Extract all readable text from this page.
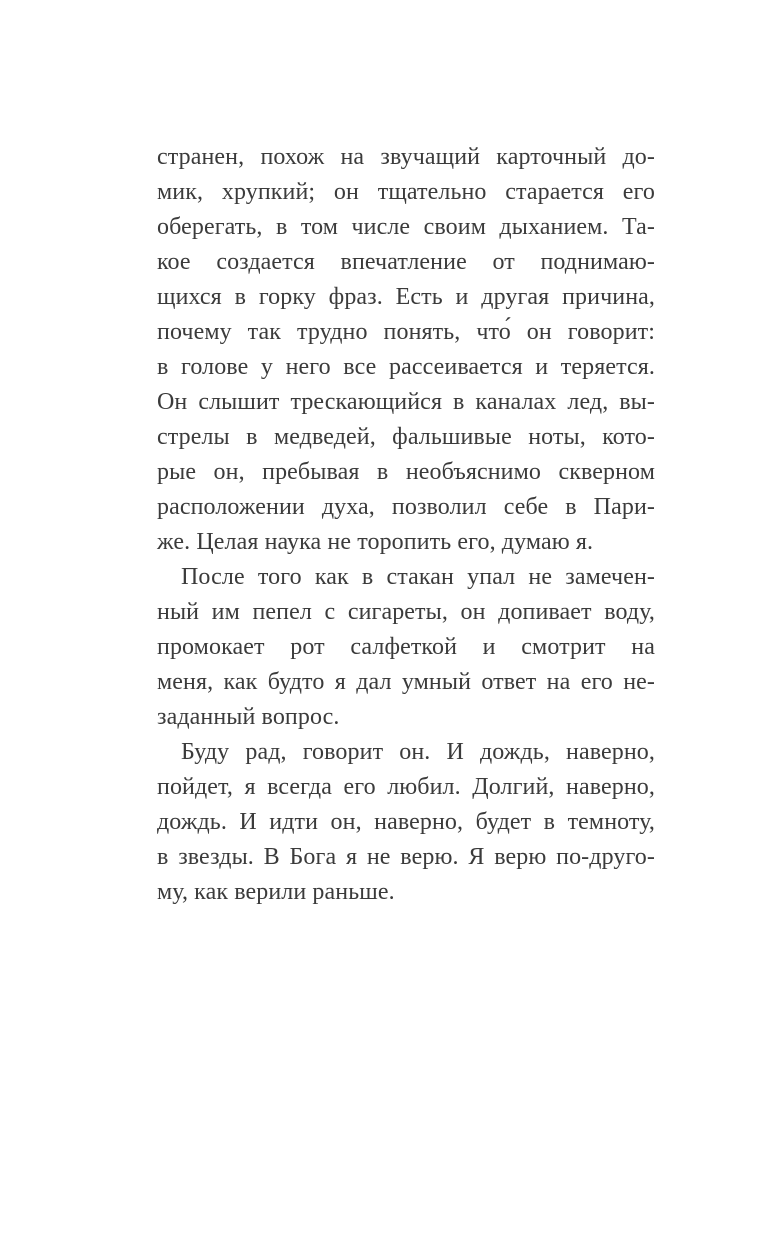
странен, похож на звучащий карточный до-
мик, хрупкий; он тщательно старается его
оберегать, в том числе своим дыханием. Та-
кое создается впечатление от поднимаю-
щихся в горку фраз. Есть и другая причина,
почему так трудно понять, что́ он говорит:
в голове у него все рассеивается и теряется.
Он слышит трескающийся в каналах лед, вы-
стрелы в медведей, фальшивые ноты, кото-
рые он, пребывая в необъяснимо скверном
расположении духа, позволил себе в Пари-
же. Целая наука не торопить его, думаю я.
После того как в стакан упал не замечен-
ный им пепел с сигареты, он допивает воду,
промокает рот салфеткой и смотрит на
меня, как будто я дал умный ответ на его не-
заданный вопрос.
Буду рад, говорит он. И дождь, наверно,
пойдет, я всегда его любил. Долгий, наверно,
дождь. И идти он, наверно, будет в темноту,
в звезды. В Бога я не верю. Я верю по-друго-
му, как верили раньше.
